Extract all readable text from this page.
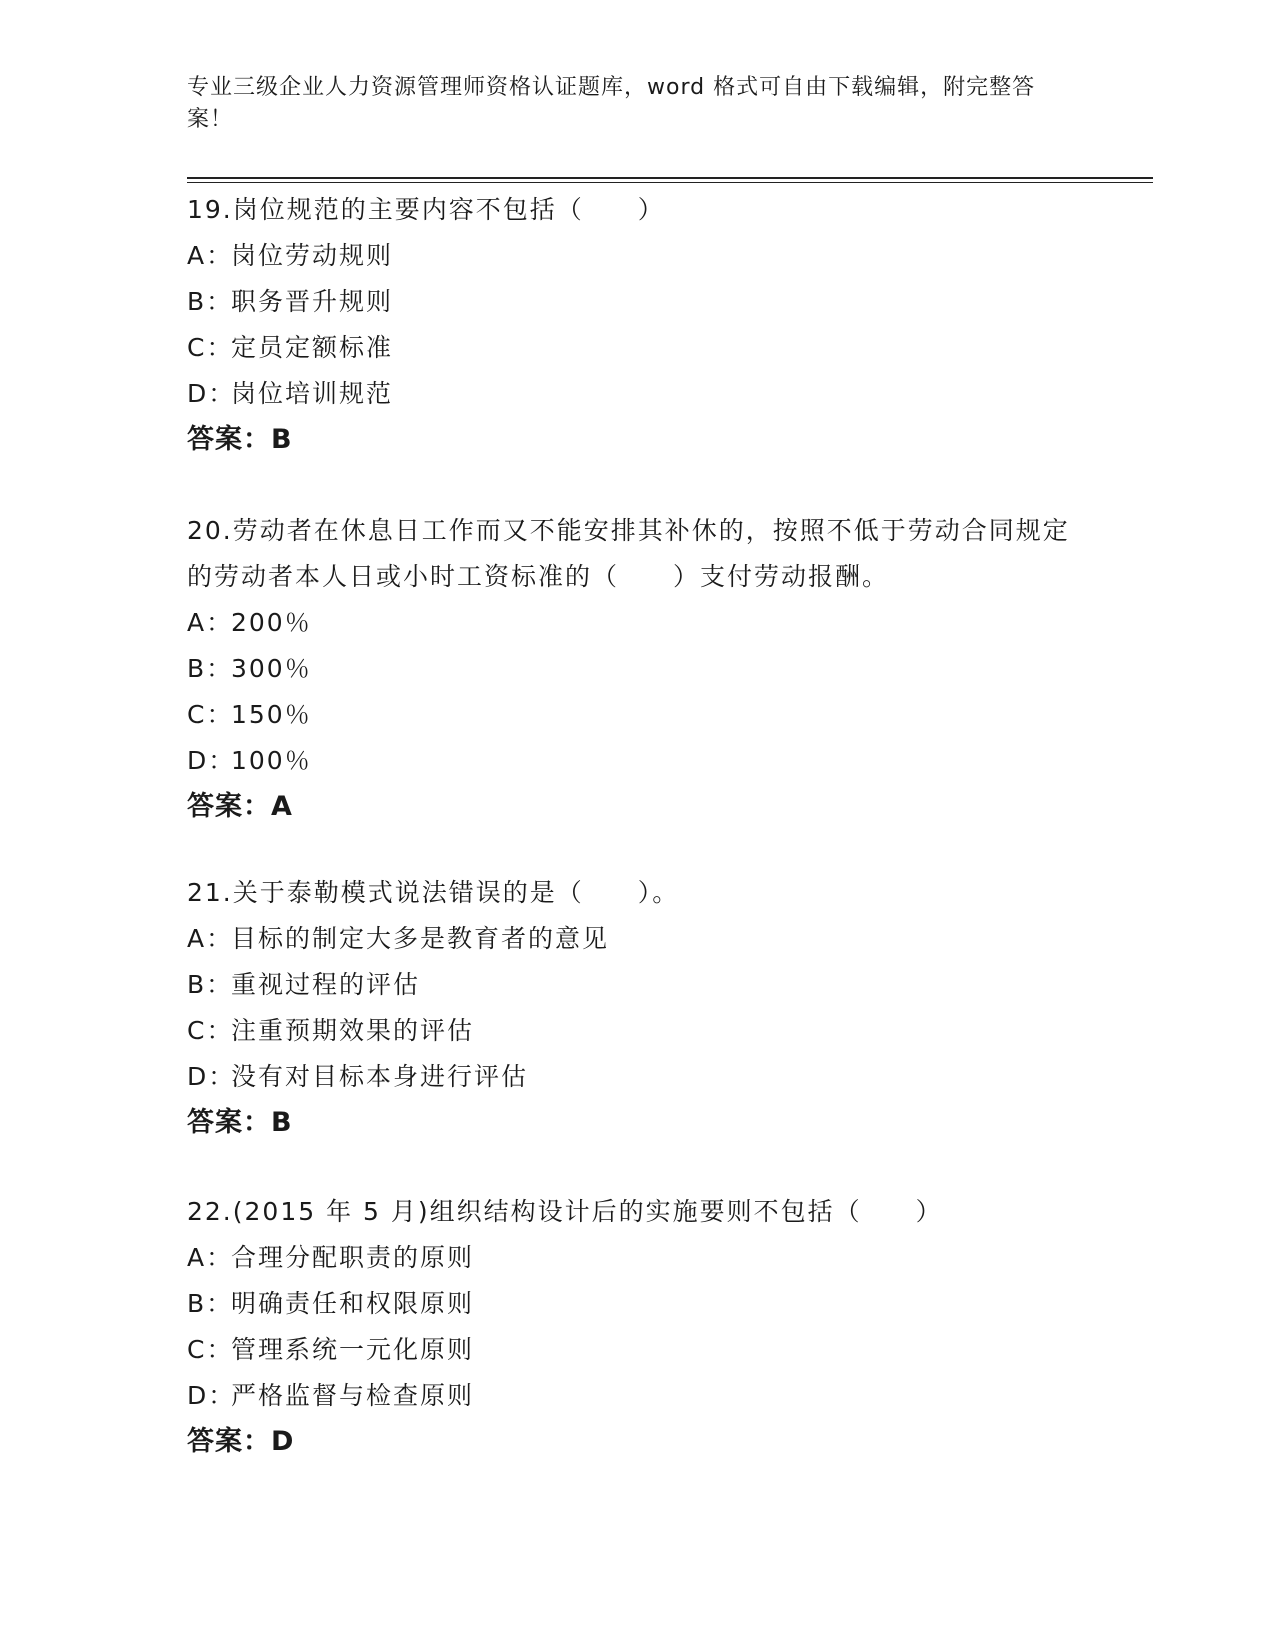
专业三级企业人力资源管理师资格认证题库，word 格式可自由下载编辑，附完整答案！
19.岗位规范的主要内容不包括（　　）
A：
岗位劳动规则
B：
职务晋升规则
C：
定员定额标准
D：
岗位培训规范
答案：B
20.劳动者在休息日工作而又不能安排其补休的，按照不低于劳动合同规定的劳动者本人日或小时工资标准的（　　）支付劳动报酬。
A：
200％
B：
300％
C：
150％
D：
100％
答案：A
21.关于泰勒模式说法错误的是（　　）。
A：
目标的制定大多是教育者的意见
B：
重视过程的评估
C：
注重预期效果的评估
D：
没有对目标本身进行评估
答案：B
22.(2015 年 5 月)组织结构设计后的实施要则不包括（　　）
A：
合理分配职责的原则
B：
明确责任和权限原则
C：
管理系统一元化原则
D：
严格监督与检查原则
答案：D
